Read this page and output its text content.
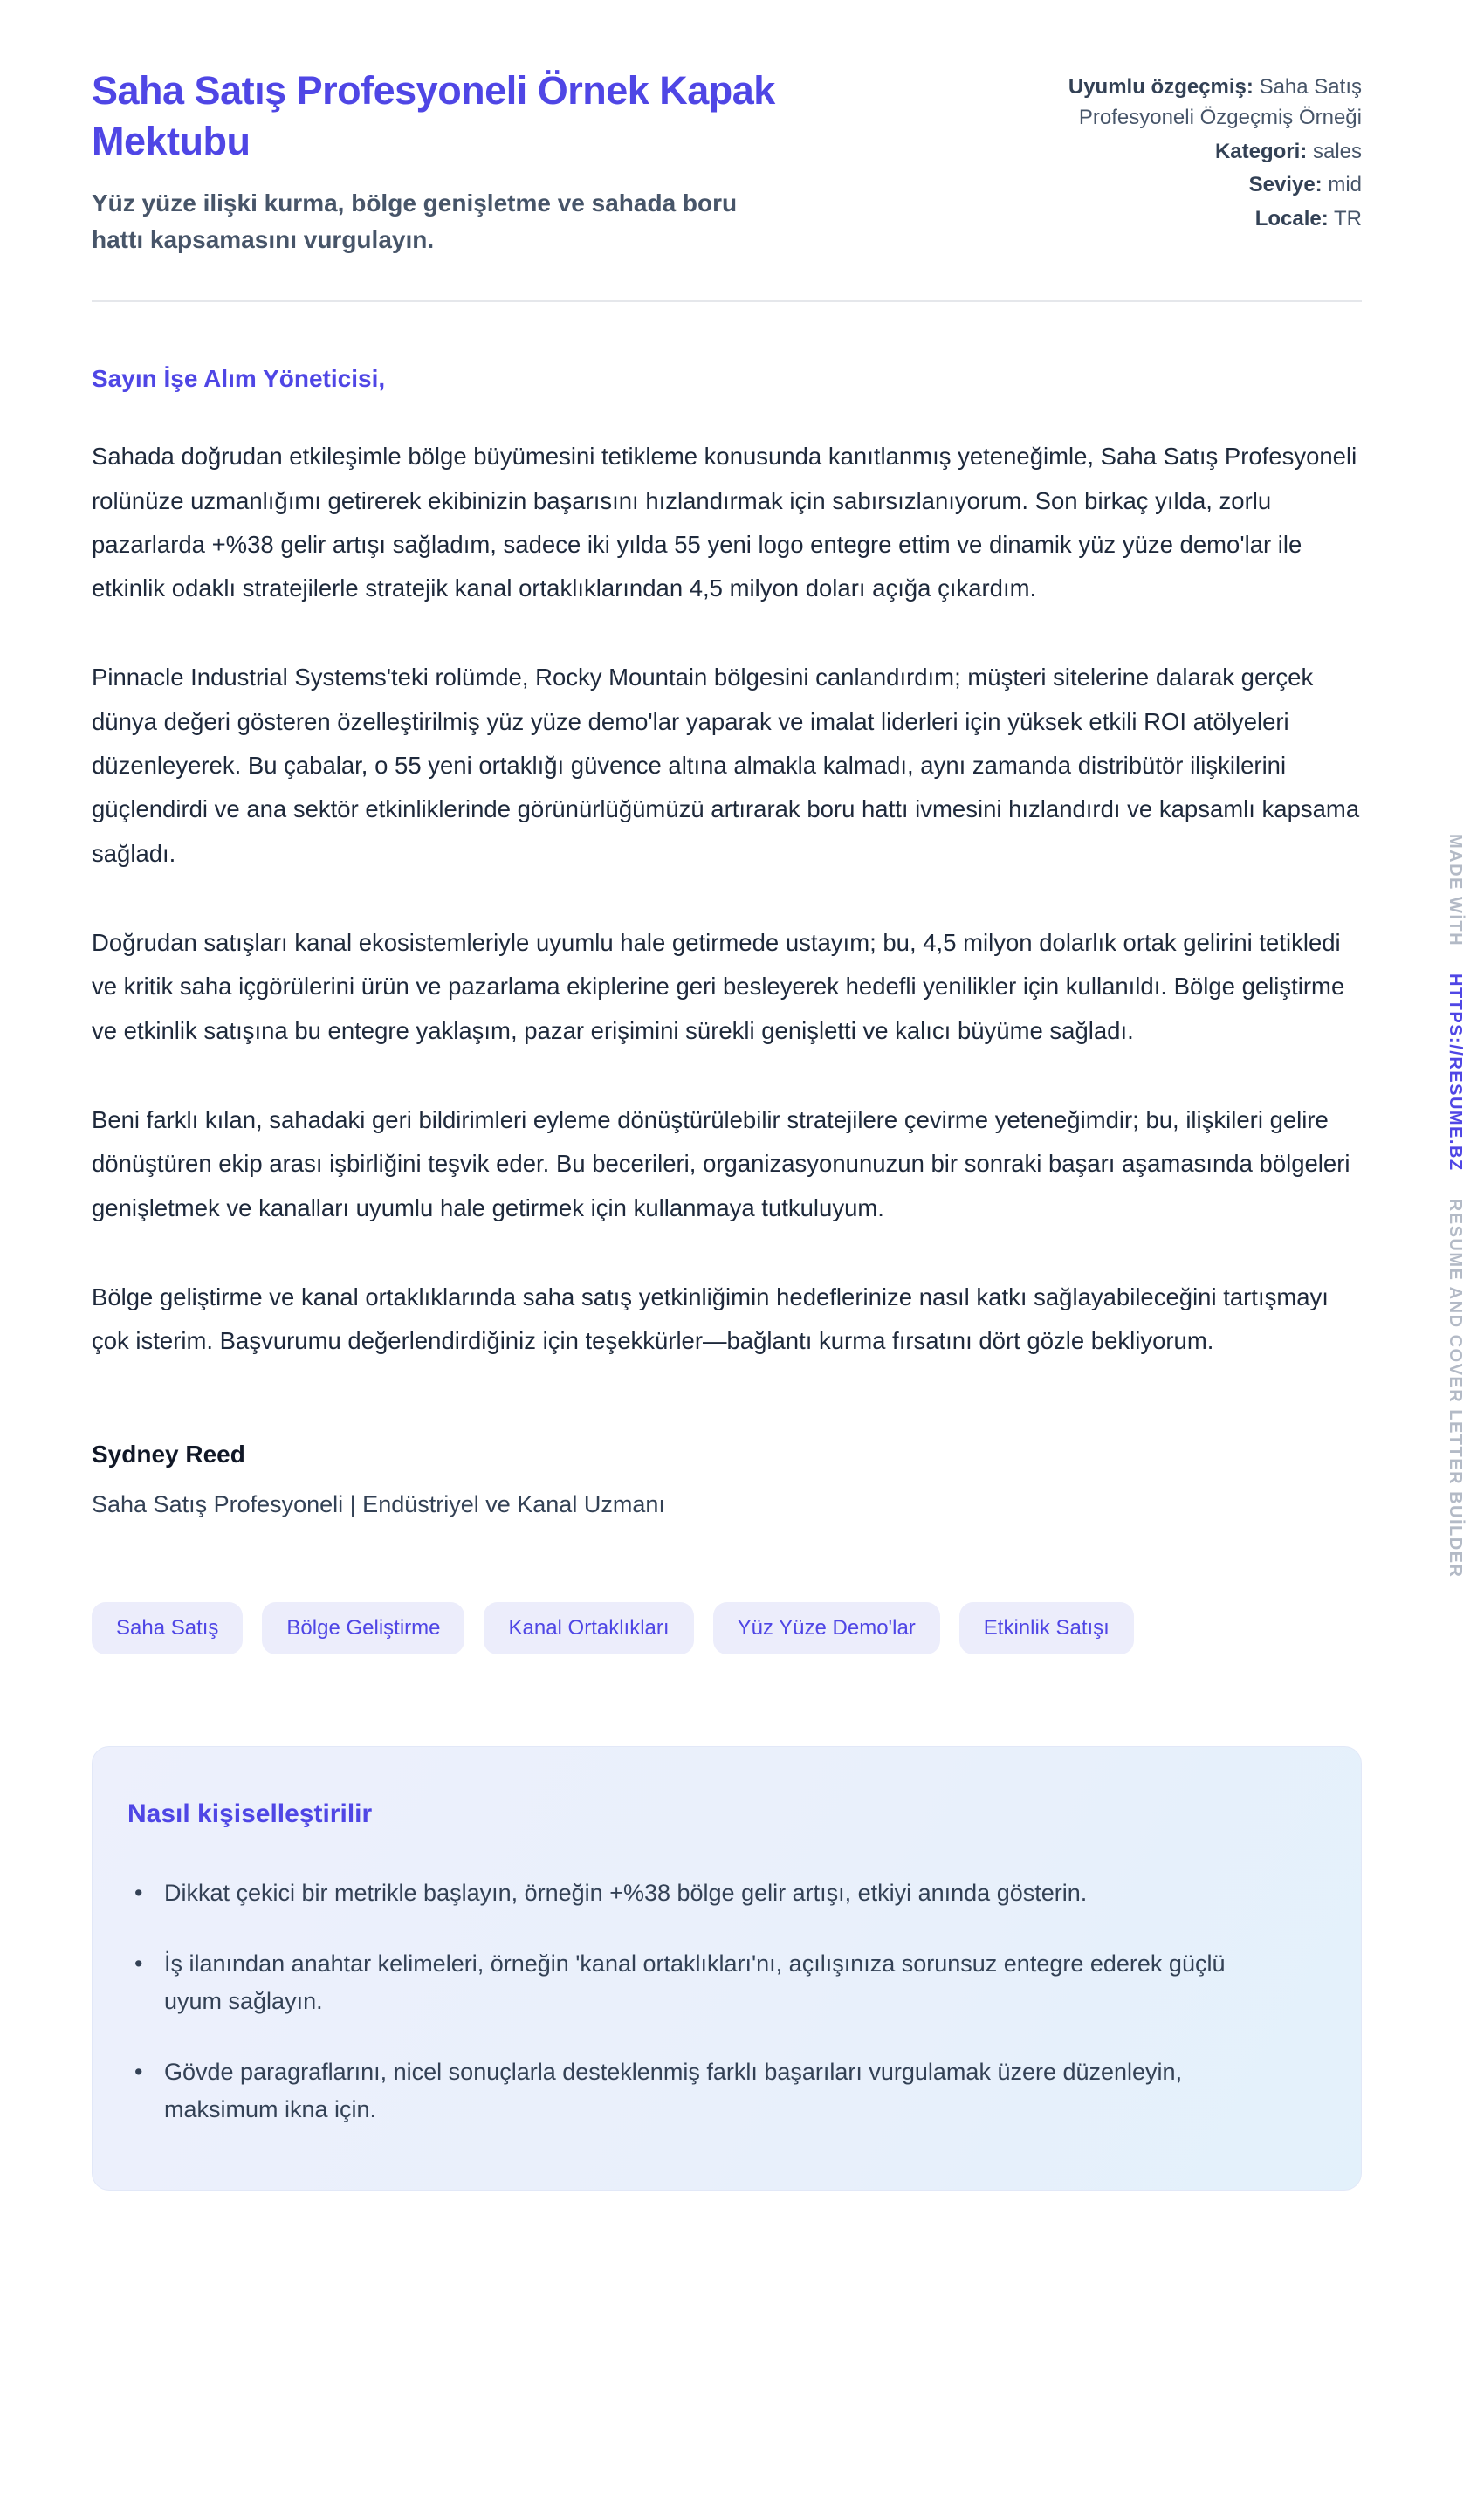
Saha Satış Profesyoneli Örnek Kapak Mektubu
Yüz yüze ilişki kurma, bölge genişletme ve sahada boru hattı kapsamasını vurgulayın.
Uyumlu özgeçmiş: Saha Satış Profesyoneli Özgeçmiş Örneği
Kategori: sales
Seviye: mid
Locale: TR

Sayın İşe Alım Yöneticisi,

Sahada doğrudan etkileşimle bölge büyümesini tetikleme konusunda kanıtlanmış yeteneğimle, Saha Satış Profesyoneli rolünüze uzmanlığımı getirerek ekibinizin başarısını hızlandırmak için sabırsızlanıyorum. Son birkaç yılda, zorlu pazarlarda +%38 gelir artışı sağladım, sadece iki yılda 55 yeni logo entegre ettim ve dinamik yüz yüze demo'lar ile etkinlik odaklı stratejilerle stratejik kanal ortaklıklarından 4,5 milyon doları açığa çıkardım.

Pinnacle Industrial Systems'teki rolümde, Rocky Mountain bölgesini canlandırdım; müşteri sitelerine dalarak gerçek dünya değeri gösteren özelleştirilmiş yüz yüze demo'lar yaparak ve imalat liderleri için yüksek etkili ROI atölyeleri düzenleyerek. Bu çabalar, o 55 yeni ortaklığı güvence altına almakla kalmadı, aynı zamanda distribütör ilişkilerini güçlendirdi ve ana sektör etkinliklerinde görünürlüğümüzü artırarak boru hattı ivmesini hızlandırdı ve kapsamlı kapsama sağladı.

Doğrudan satışları kanal ekosistemleriyle uyumlu hale getirmede ustayım; bu, 4,5 milyon dolarlık ortak gelirini tetikledi ve kritik saha içgörülerini ürün ve pazarlama ekiplerine geri besleyerek hedefli yenilikler için kullanıldı. Bölge geliştirme ve etkinlik satışına bu entegre yaklaşım, pazar erişimini sürekli genişletti ve kalıcı büyüme sağladı.

Beni farklı kılan, sahadaki geri bildirimleri eyleme dönüştürülebilir stratejilere çevirme yeteneğimdir; bu, ilişkileri gelire dönüştüren ekip arası işbirliğini teşvik eder. Bu becerileri, organizasyonunuzun bir sonraki başarı aşamasında bölgeleri genişletmek ve kanalları uyumlu hale getirmek için kullanmaya tutkuluyum.

Bölge geliştirme ve kanal ortaklıklarında saha satış yetkinliğimin hedeflerinize nasıl katkı sağlayabileceğini tartışmayı çok isterim. Başvurumu değerlendirdiğiniz için teşekkürler—bağlantı kurma fırsatını dört gözle bekliyorum.

Sydney Reed

Saha Satış Profesyoneli | Endüstriyel ve Kanal Uzmanı

Saha Satış	Bölge Geliştirme	Kanal Ortaklıkları	Yüz Yüze Demo'lar	Etkinlik Satışı
Nasıl kişiselleştirilir
• Dikkat çekici bir metrikle başlayın, örneğin +%38 bölge gelir artışı, etkiyi anında gösterin.
• İş ilanından anahtar kelimeleri, örneğin 'kanal ortaklıkları'nı, açılışınıza sorunsuz entegre ederek güçlü uyum sağlayın.
• Gövde paragraflarını, nicel sonuçlarla desteklenmiş farklı başarıları vurgulamak üzere düzenleyin, maksimum ikna için.
MADE WİTH HTTPS://RESUME.BZ RESUME AND COVER LETTER BUİLDER
